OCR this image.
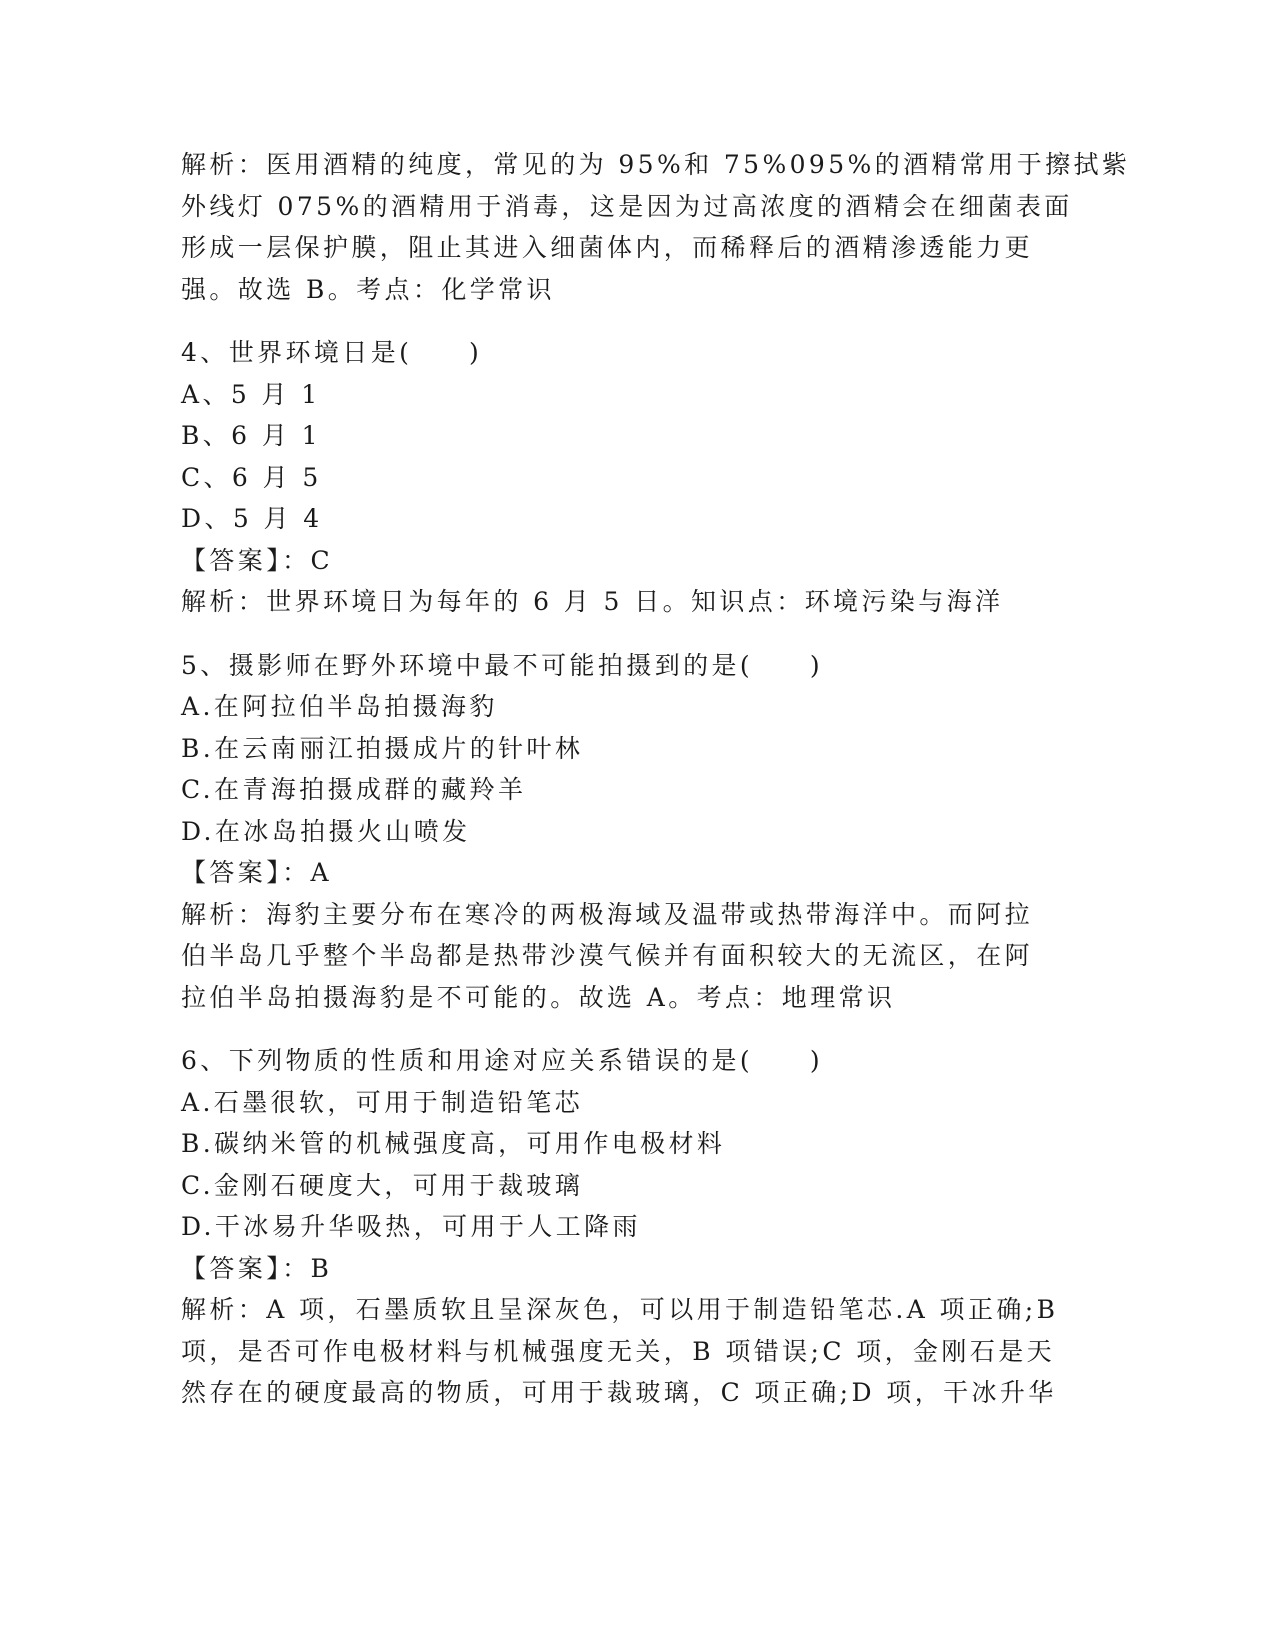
解析：医用酒精的纯度，常见的为 95%和 75%095%的酒精常用于擦拭紫
外线灯 075%的酒精用于消毒，这是因为过高浓度的酒精会在细菌表面
形成一层保护膜，阻止其进入细菌体内，而稀释后的酒精渗透能力更
强。故选 B。考点：化学常识
4、世界环境日是(　　)
A、5 月 1
B、6 月 1
C、6 月 5
D、5 月 4
【答案】：C
解析：世界环境日为每年的 6 月 5 日。知识点：环境污染与海洋
5、摄影师在野外环境中最不可能拍摄到的是(　　)
A.在阿拉伯半岛拍摄海豹
B.在云南丽江拍摄成片的针叶林
C.在青海拍摄成群的藏羚羊
D.在冰岛拍摄火山喷发
【答案】：A
解析：海豹主要分布在寒冷的两极海域及温带或热带海洋中。而阿拉
伯半岛几乎整个半岛都是热带沙漠气候并有面积较大的无流区，在阿
拉伯半岛拍摄海豹是不可能的。故选 A。考点：地理常识
6、下列物质的性质和用途对应关系错误的是(　　)
A.石墨很软，可用于制造铅笔芯
B.碳纳米管的机械强度高，可用作电极材料
C.金刚石硬度大，可用于裁玻璃
D.干冰易升华吸热，可用于人工降雨
【答案】：B
解析：A 项，石墨质软且呈深灰色，可以用于制造铅笔芯.A 项正确;B
项，是否可作电极材料与机械强度无关，B 项错误;C 项，金刚石是天
然存在的硬度最高的物质，可用于裁玻璃，C 项正确;D 项，干冰升华
